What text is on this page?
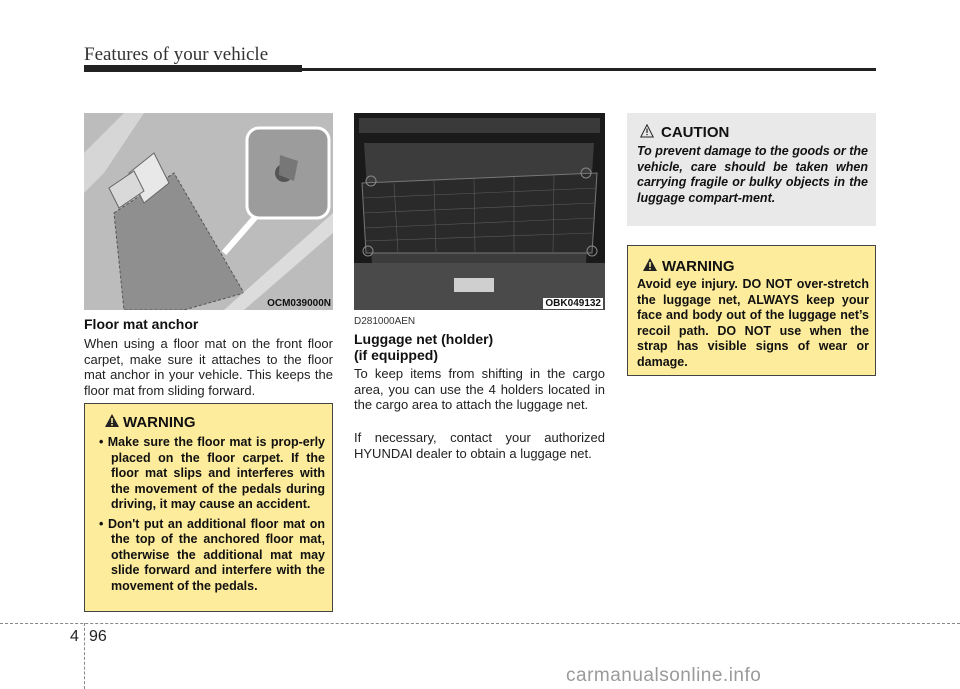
Features of your vehicle
OCM039000N	OBK049132
Floor mat anchor
When using a floor mat on the front floor carpet, make sure it attaches to the floor mat anchor in your vehicle. This keeps the floor mat from sliding forward.
WARNING
• Make sure the floor mat is prop-erly placed on the floor carpet. If the floor mat slips and interferes with the movement of the pedals during driving, it may cause an accident.
• Don't put an additional floor mat on the top of the anchored floor mat, otherwise the additional mat may slide forward and interfere with the movement of the pedals.
D281000AEN
Luggage net (holder)
(if equipped)
To keep items from shifting in the cargo area, you can use the 4 holders located in the cargo area to attach the luggage net.
If necessary, contact your authorized HYUNDAI dealer to obtain a luggage net.
CAUTION
To prevent damage to the goods or the vehicle, care should be taken when carrying fragile or bulky objects in the luggage compart-ment.
WARNING
Avoid eye injury. DO NOT over-stretch the luggage net, ALWAYS keep your face and body out of the luggage net’s recoil path. DO NOT use when the strap has visible signs of wear or damage.
4 96
carmanualsonline.info
